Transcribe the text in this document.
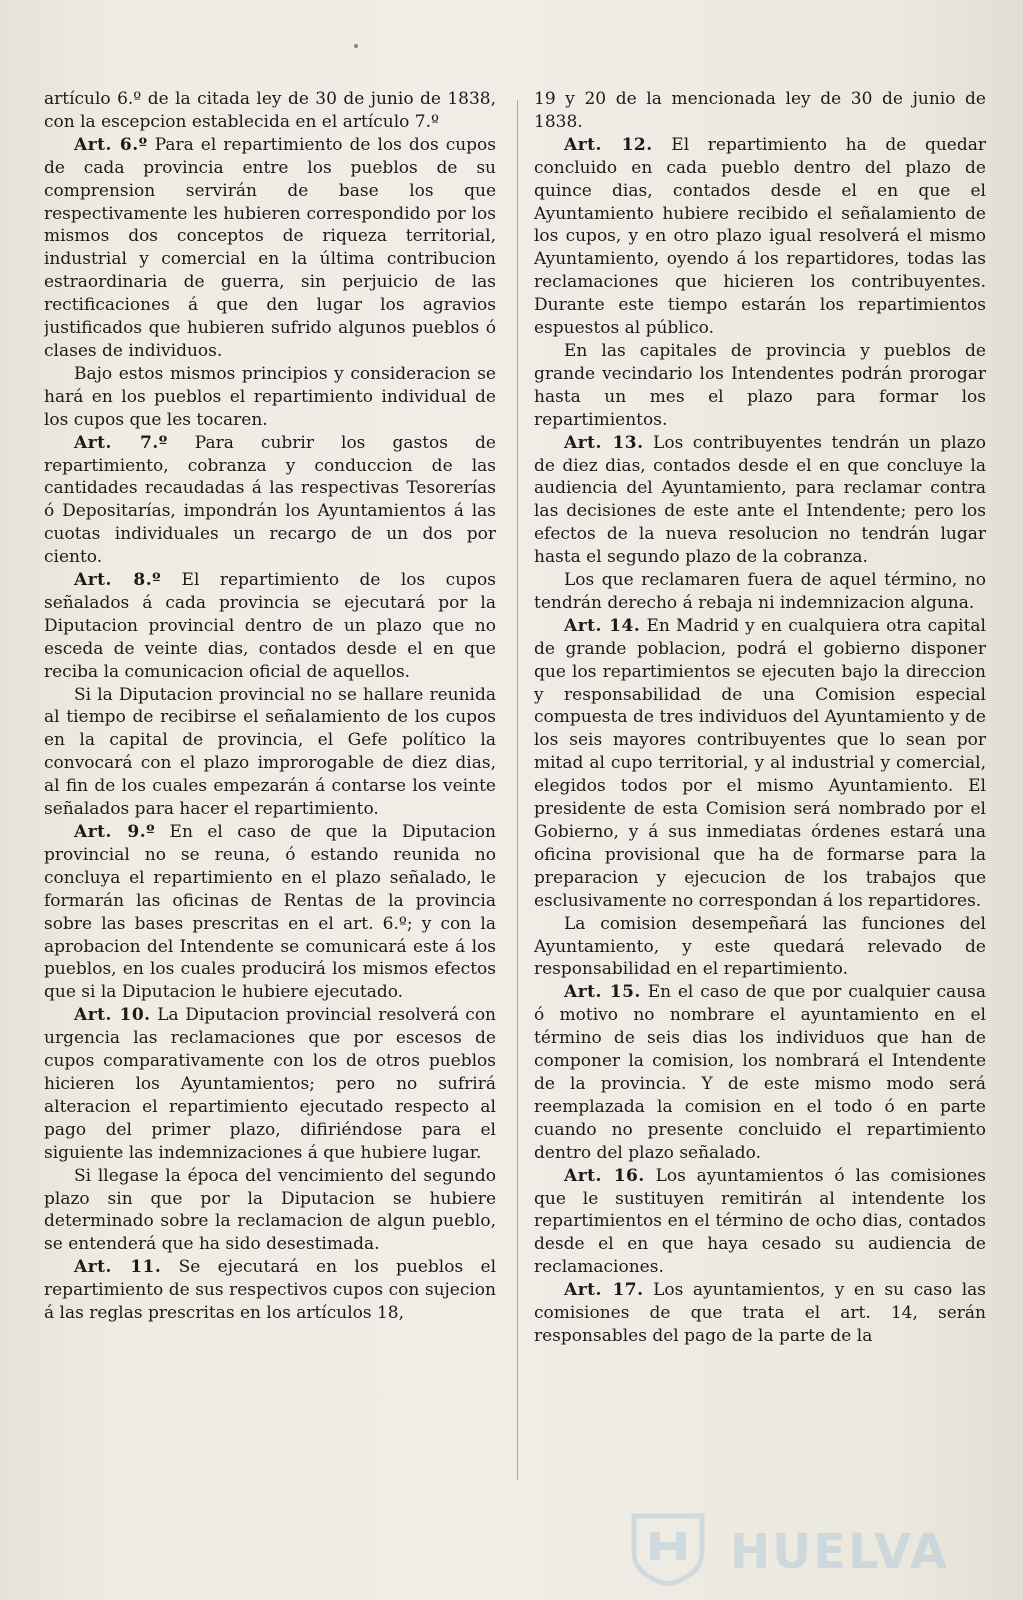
artículo 6.º de la citada ley de 30 de junio de 1838, con la escepcion establecida en el artículo 7.º

Art. 6.º Para el repartimiento de los dos cupos de cada provincia entre los pueblos de su comprension servirán de base los que respectivamente les hubieren correspondido por los mismos dos conceptos de riqueza territorial, industrial y comercial en la última contribucion estraordinaria de guerra, sin perjuicio de las rectificaciones á que den lugar los agravios justificados que hubieren sufrido algunos pueblos ó clases de individuos.

Bajo estos mismos principios y consideracion se hará en los pueblos el repartimiento individual de los cupos que les tocaren.

Art. 7.º Para cubrir los gastos de repartimiento, cobranza y conduccion de las cantidades recaudadas á las respectivas Tesorerías ó Depositarías, impondrán los Ayuntamientos á las cuotas individuales un recargo de un dos por ciento.

Art. 8.º El repartimiento de los cupos señalados á cada provincia se ejecutará por la Diputacion provincial dentro de un plazo que no esceda de veinte dias, contados desde el en que reciba la comunicacion oficial de aquellos.

Si la Diputacion provincial no se hallare reunida al tiempo de recibirse el señalamiento de los cupos en la capital de provincia, el Gefe político la convocará con el plazo improrogable de diez dias, al fin de los cuales empezarán á contarse los veinte señalados para hacer el repartimiento.

Art. 9.º En el caso de que la Diputacion provincial no se reuna, ó estando reunida no concluya el repartimiento en el plazo señalado, le formarán las oficinas de Rentas de la provincia sobre las bases prescritas en el art. 6.º; y con la aprobacion del Intendente se comunicará este á los pueblos, en los cuales producirá los mismos efectos que si la Diputacion le hubiere ejecutado.

Art. 10. La Diputacion provincial resolverá con urgencia las reclamaciones que por escesos de cupos comparativamente con los de otros pueblos hicieren los Ayuntamientos; pero no sufrirá alteracion el repartimiento ejecutado respecto al pago del primer plazo, difiriéndose para el siguiente las indemnizaciones á que hubiere lugar.

Si llegase la época del vencimiento del segundo plazo sin que por la Diputacion se hubiere determinado sobre la reclamacion de algun pueblo, se entenderá que ha sido desestimada.

Art. 11. Se ejecutará en los pueblos el repartimiento de sus respectivos cupos con sujecion á las reglas prescritas en los artículos 18,

19 y 20 de la mencionada ley de 30 de junio de 1838.

Art. 12. El repartimiento ha de quedar concluido en cada pueblo dentro del plazo de quince dias, contados desde el en que el Ayuntamiento hubiere recibido el señalamiento de los cupos, y en otro plazo igual resolverá el mismo Ayuntamiento, oyendo á los repartidores, todas las reclamaciones que hicieren los contribuyentes. Durante este tiempo estarán los repartimientos espuestos al público.

En las capitales de provincia y pueblos de grande vecindario los Intendentes podrán prorogar hasta un mes el plazo para formar los repartimientos.

Art. 13. Los contribuyentes tendrán un plazo de diez dias, contados desde el en que concluye la audiencia del Ayuntamiento, para reclamar contra las decisiones de este ante el Intendente; pero los efectos de la nueva resolucion no tendrán lugar hasta el segundo plazo de la cobranza.

Los que reclamaren fuera de aquel término, no tendrán derecho á rebaja ni indemnizacion alguna.

Art. 14. En Madrid y en cualquiera otra capital de grande poblacion, podrá el gobierno disponer que los repartimientos se ejecuten bajo la direccion y responsabilidad de una Comision especial compuesta de tres individuos del Ayuntamiento y de los seis mayores contribuyentes que lo sean por mitad al cupo territorial, y al industrial y comercial, elegidos todos por el mismo Ayuntamiento. El presidente de esta Comision será nombrado por el Gobierno, y á sus inmediatas órdenes estará una oficina provisional que ha de formarse para la preparacion y ejecucion de los trabajos que esclusivamente no correspondan á los repartidores.

La comision desempeñará las funciones del Ayuntamiento, y este quedará relevado de responsabilidad en el repartimiento.

Art. 15. En el caso de que por cualquier causa ó motivo no nombrare el ayuntamiento en el término de seis dias los individuos que han de componer la comision, los nombrará el Intendente de la provincia. Y de este mismo modo será reemplazada la comision en el todo ó en parte cuando no presente concluido el repartimiento dentro del plazo señalado.

Art. 16. Los ayuntamientos ó las comisiones que le sustituyen remitirán al intendente los repartimientos en el término de ocho dias, contados desde el en que haya cesado su audiencia de reclamaciones.

Art. 17. Los ayuntamientos, y en su caso las comisiones de que trata el art. 14, serán responsables del pago de la parte de la

HUELVA
